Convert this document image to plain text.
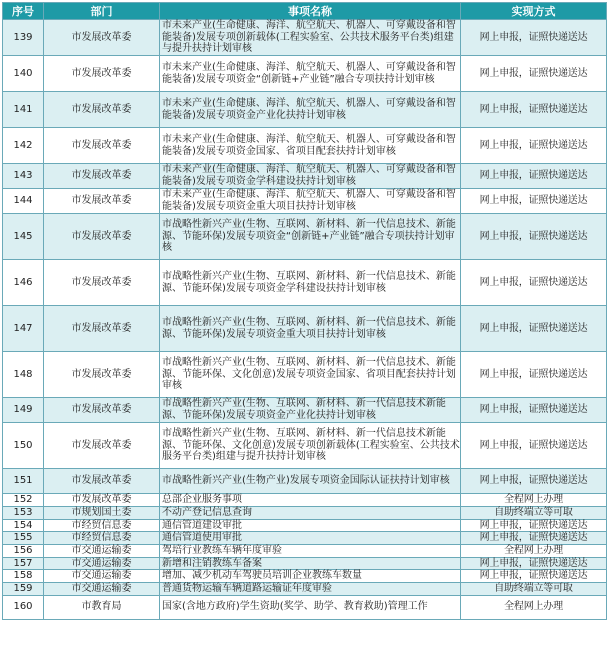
序号	部门	事项名称	实现方式
139	市发展改革委	市未来产业(生命健康、海洋、航空航天、机器人、可穿戴设备和智能装备)发展专项创新载体(工程实验室、公共技术服务平台类)组建与提升扶持计划审核	网上申报，证照快递送达
140	市发展改革委	市未来产业(生命健康、海洋、航空航天、机器人、可穿戴设备和智能装备)发展专项资金“创新链+产业链”融合专项扶持计划审核	网上申报，证照快递送达
141	市发展改革委	市未来产业(生命健康、海洋、航空航天、机器人、可穿戴设备和智能装备)发展专项资金产业化扶持计划审核	网上申报，证照快递送达
142	市发展改革委	市未来产业(生命健康、海洋、航空航天、机器人、可穿戴设备和智能装备)发展专项资金国家、省项目配套扶持计划审核	网上申报，证照快递送达
143	市发展改革委	市未来产业(生命健康、海洋、航空航天、机器人、可穿戴设备和智能装备)发展专项资金学科建设扶持计划审核	网上申报，证照快递送达
144	市发展改革委	市未来产业(生命健康、海洋、航空航天、机器人、可穿戴设备和智能装备)发展专项资金重大项目扶持计划审核	网上申报，证照快递送达
145	市发展改革委	市战略性新兴产业(生物、互联网、新材料、新一代信息技术、新能源、节能环保)发展专项资金“创新链+产业链”融合专项扶持计划审核	网上申报，证照快递送达
146	市发展改革委	市战略性新兴产业(生物、互联网、新材料、新一代信息技术、新能源、节能环保)发展专项资金学科建设扶持计划审核	网上申报，证照快递送达
147	市发展改革委	市战略性新兴产业(生物、互联网、新材料、新一代信息技术、新能源、节能环保)发展专项资金重大项目扶持计划审核	网上申报，证照快递送达
148	市发展改革委	市战略性新兴产业(生物、互联网、新材料、新一代信息技术、新能源、节能环保、文化创意)发展专项资金国家、省项目配套扶持计划审核	网上申报，证照快递送达
149	市发展改革委	市战略性新兴产业(生物、互联网、新材料、新一代信息技术新能源、节能环保)发展专项资金产业化扶持计划审核	网上申报，证照快递送达
150	市发展改革委	市战略性新兴产业(生物、互联网、新材料、新一代信息技术新能源、节能环保、文化创意)发展专项创新载体(工程实验室、公共技术服务平台类)组建与提升扶持计划审核	网上申报，证照快递送达
151	市发展改革委	市战略性新兴产业(生物产业)发展专项资金国际认证扶持计划审核	网上申报，证照快递送达
152	市发展改革委	总部企业服务事项	全程网上办理
153	市规划国土委	不动产登记信息查询	自助终端立等可取
154	市经贸信息委	通信管道建设审批	网上申报，证照快递送达
155	市经贸信息委	通信管道使用审批	网上申报，证照快递送达
156	市交通运输委	驾培行业教练车辆年度审验	全程网上办理
157	市交通运输委	新增和注销教练车备案	网上申报，证照快递送达
158	市交通运输委	增加、减少机动车驾驶员培训企业教练车数量	网上申报，证照快递送达
159	市交通运输委	普通货物运输车辆道路运输证年度审验	自助终端立等可取
160	市教育局	国家(含地方政府)学生资助(奖学、助学、教育救助)管理工作	全程网上办理
